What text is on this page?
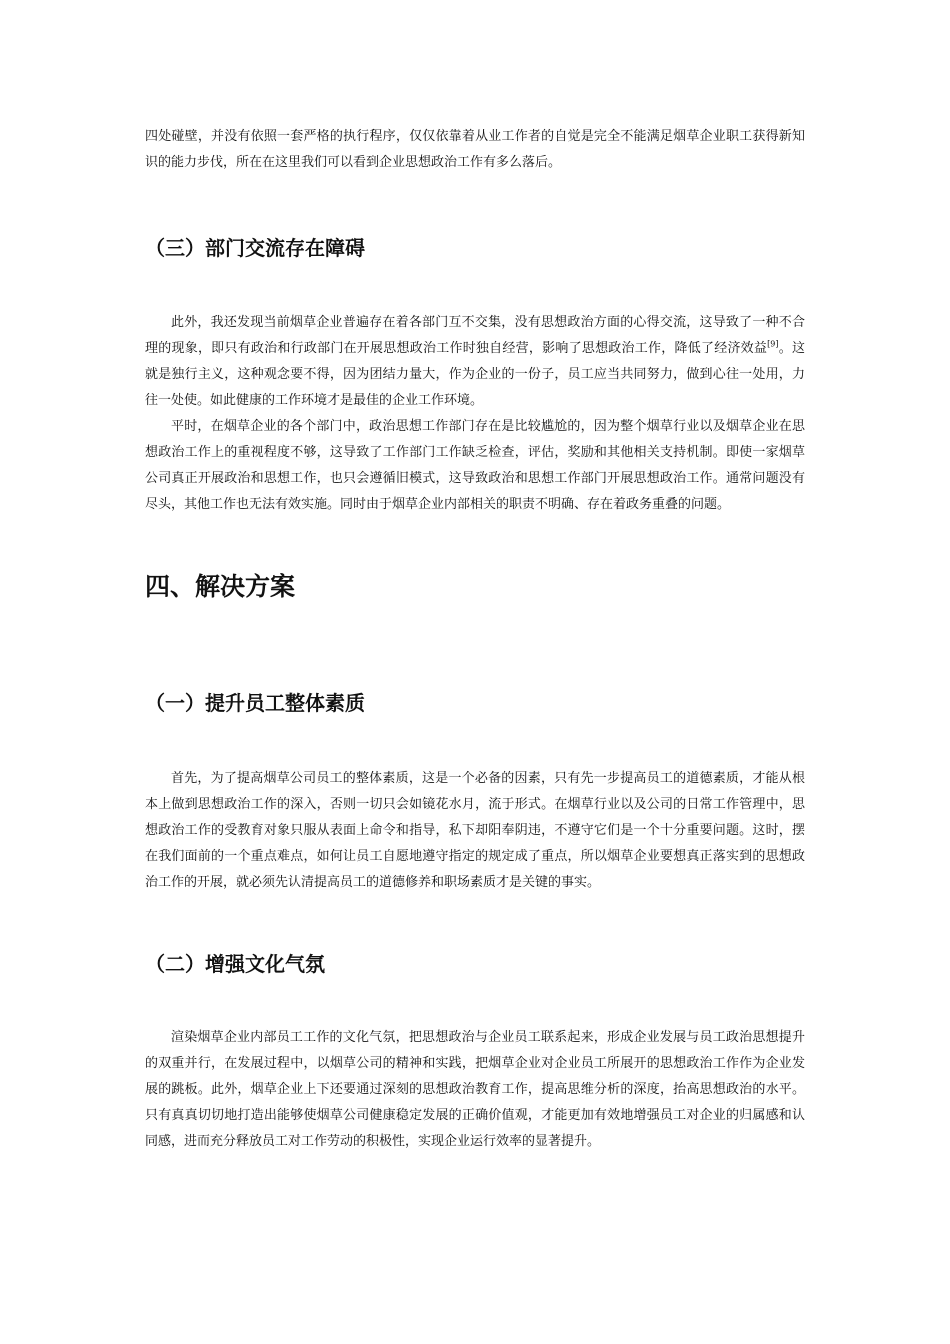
四处碰壁，并没有依照一套严格的执行程序，仅仅依靠着从业工作者的自觉是完全不能满足烟草企业职工获得新知识的能力步伐，所在在这里我们可以看到企业思想政治工作有多么落后。

（三）部门交流存在障碍

此外，我还发现当前烟草企业普遍存在着各部门互不交集，没有思想政治方面的心得交流，这导致了一种不合理的现象，即只有政治和行政部门在开展思想政治工作时独自经营，影响了思想政治工作，降低了经济效益[9]。这就是独行主义，这种观念要不得，因为团结力量大，作为企业的一份子，员工应当共同努力，做到心往一处用，力往一处使。如此健康的工作环境才是最佳的企业工作环境。

平时，在烟草企业的各个部门中，政治思想工作部门存在是比较尴尬的，因为整个烟草行业以及烟草企业在思想政治工作上的重视程度不够，这导致了工作部门工作缺乏检查，评估，奖励和其他相关支持机制。即使一家烟草公司真正开展政治和思想工作，也只会遵循旧模式，这导致政治和思想工作部门开展思想政治工作。通常问题没有尽头，其他工作也无法有效实施。同时由于烟草企业内部相关的职责不明确、存在着政务重叠的问题。

四、解决方案
（一）提升员工整体素质

首先，为了提高烟草公司员工的整体素质，这是一个必备的因素，只有先一步提高员工的道德素质，才能从根本上做到思想政治工作的深入，否则一切只会如镜花水月，流于形式。在烟草行业以及公司的日常工作管理中，思想政治工作的受教育对象只服从表面上命令和指导，私下却阳奉阴违，不遵守它们是一个十分重要问题。这时，摆在我们面前的一个重点难点，如何让员工自愿地遵守指定的规定成了重点，所以烟草企业要想真正落实到的思想政治工作的开展，就必须先认清提高员工的道德修养和职场素质才是关键的事实。

（二）增强文化气氛

渲染烟草企业内部员工工作的文化气氛，把思想政治与企业员工联系起来，形成企业发展与员工政治思想提升的双重并行，在发展过程中，以烟草公司的精神和实践，把烟草企业对企业员工所展开的思想政治工作作为企业发展的跳板。此外，烟草企业上下还要通过深刻的思想政治教育工作，提高思维分析的深度，抬高思想政治的水平。只有真真切切地打造出能够使烟草公司健康稳定发展的正确价值观，才能更加有效地增强员工对企业的归属感和认同感，进而充分释放员工对工作劳动的积极性，实现企业运行效率的显著提升。
